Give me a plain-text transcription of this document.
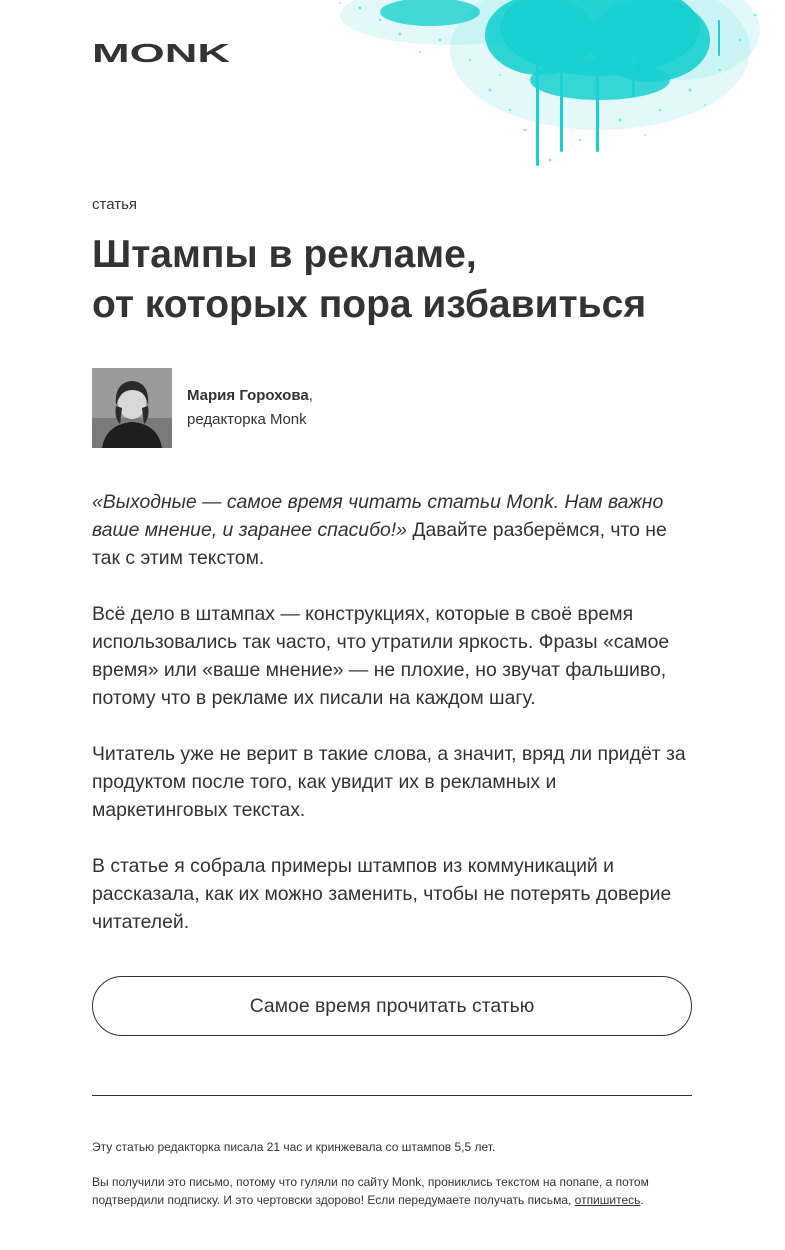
MONK
статья
Штампы в рекламе,
от которых пора избавиться
Мария Горохова,
редакторка Monk

«Выходные — самое время читать статьи Monk. Нам важно ваше мнение, и заранее спасибо!» Давайте разберёмся, что не так с этим текстом.

Всё дело в штампах — конструкциях, которые в своё время использовались так часто, что утратили яркость. Фразы «самое время» или «ваше мнение» — не плохие, но звучат фальшиво, потому что в рекламе их писали на каждом шагу.

Читатель уже не верит в такие слова, а значит, вряд ли придёт за продуктом после того, как увидит их в рекламных и маркетинговых текстах.

В статье я собрала примеры штампов из коммуникаций и рассказала, как их можно заменить, чтобы не потерять доверие читателей.

Самое время прочитать статью
Эту статью редакторка писала 21 час и кринжевала со штампов 5,5 лет.
Вы получили это письмо, потому что гуляли по сайту Monk, прониклись текстом на попапе, а потом подтвердили подписку. И это чертовски здорово! Если передумаете получать письма, отпишитесь.
